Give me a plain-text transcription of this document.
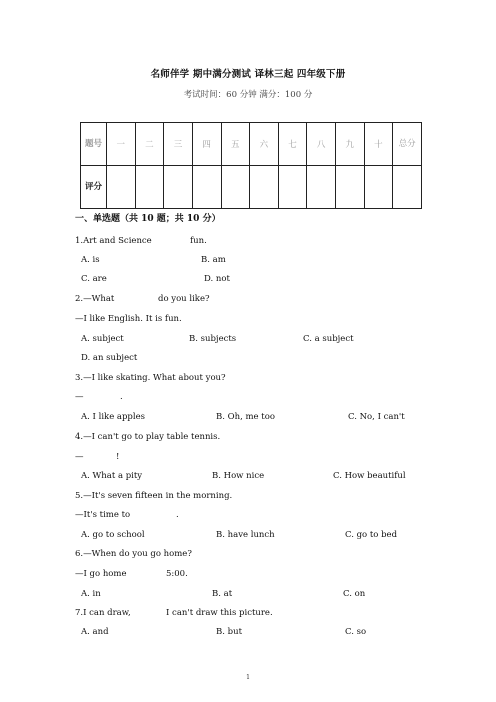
名师伴学 期中满分测试 译林三起 四年级下册
考试时间：60 分钟 满分：100 分
题号	一	二	三	四	五	六	七	八	九	十	总分
评分											
一、单选题（共 10 题；共 10 分）
1.Art and Science	fun.
A. is	B. am
C. are	D. not
2.—What	do you like?
—I like English. It is fun.
A. subject	B. subjects	C. a subject
D. an subject
3.—I like skating. What about you?
—	.
A. I like apples	B. Oh, me too	C. No, I can't
4.—I can't go to play table tennis.
—	!
A. What a pity	B. How nice	C. How beautiful
5.—It's seven fifteen in the morning.
—It's time to	.
A. go to school	B. have lunch	C. go to bed
6.—When do you go home?
—I go home	5:00.
A. in	B. at	C. on
7.I can draw,	I can't draw this picture.
A. and	B. but	C. so
1
